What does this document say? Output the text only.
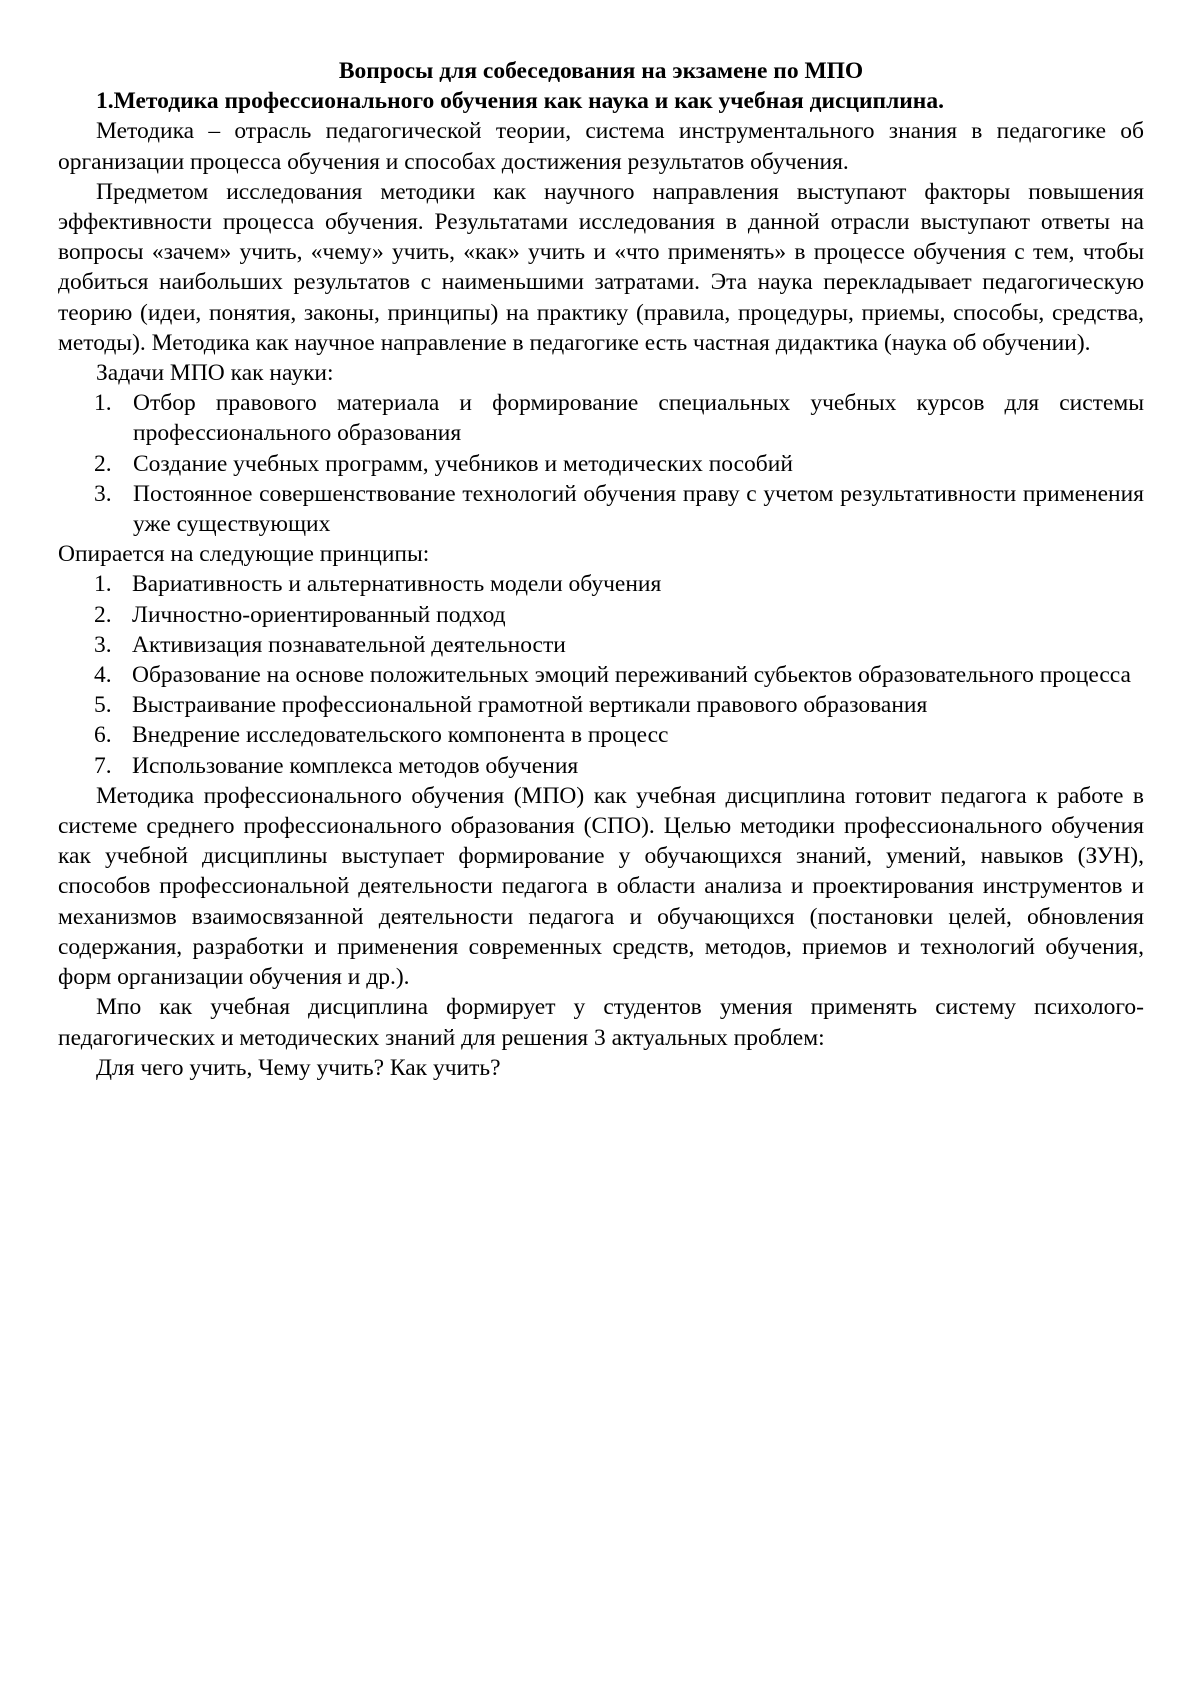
Вопросы для собеседования на экзамене по МПО

1.Методика профессионального обучения как наука и как учебная дисциплина.

Методика – отрасль педагогической теории, система инструментального знания в педагогике об организации процесса обучения и способах достижения результатов обучения.

Предметом исследования методики как научного направления выступают факторы повышения эффективности процесса обучения. Результатами исследования в данной отрасли выступают ответы на вопросы «зачем» учить, «чему» учить, «как» учить и «что применять» в процессе обучения с тем, чтобы добиться наибольших результатов с наименьшими затратами. Эта наука перекладывает педагогическую теорию (идеи, понятия, законы, принципы) на практику (правила, процедуры, приемы, способы, средства, методы). Методика как научное направление в педагогике есть частная дидактика (наука об обучении).

Задачи МПО как науки:

1. Отбор правового материала и формирование специальных учебных курсов для системы профессионального образования
2. Создание учебных программ, учебников и методических пособий
3. Постоянное совершенствование технологий обучения праву с учетом результативности применения уже существующих

Опирается на следующие принципы:

1. Вариативность и альтернативность модели обучения
2. Личностно-ориентированный подход
3. Активизация познавательной деятельности
4. Образование на основе положительных эмоций переживаний субьектов образовательного процесса
5. Выстраивание профессиональной грамотной вертикали правового образования
6. Внедрение исследовательского компонента в процесс
7. Использование комплекса методов обучения

Методика профессионального обучения (МПО) как учебная дисциплина готовит педагога к работе в системе среднего профессионального образования (СПО). Целью методики профессионального обучения как учебной дисциплины выступает формирование у обучающихся знаний, умений, навыков (ЗУН), способов профессиональной деятельности педагога в области анализа и проектирования инструментов и механизмов взаимосвязанной деятельности педагога и обучающихся (постановки целей, обновления содержания, разработки и применения современных средств, методов, приемов и технологий обучения, форм организации обучения и др.).

Мпо как учебная дисциплина формирует у студентов умения применять систему психолого-педагогических и методических знаний для решения 3 актуальных проблем:

Для чего учить, Чему учить? Как учить?
